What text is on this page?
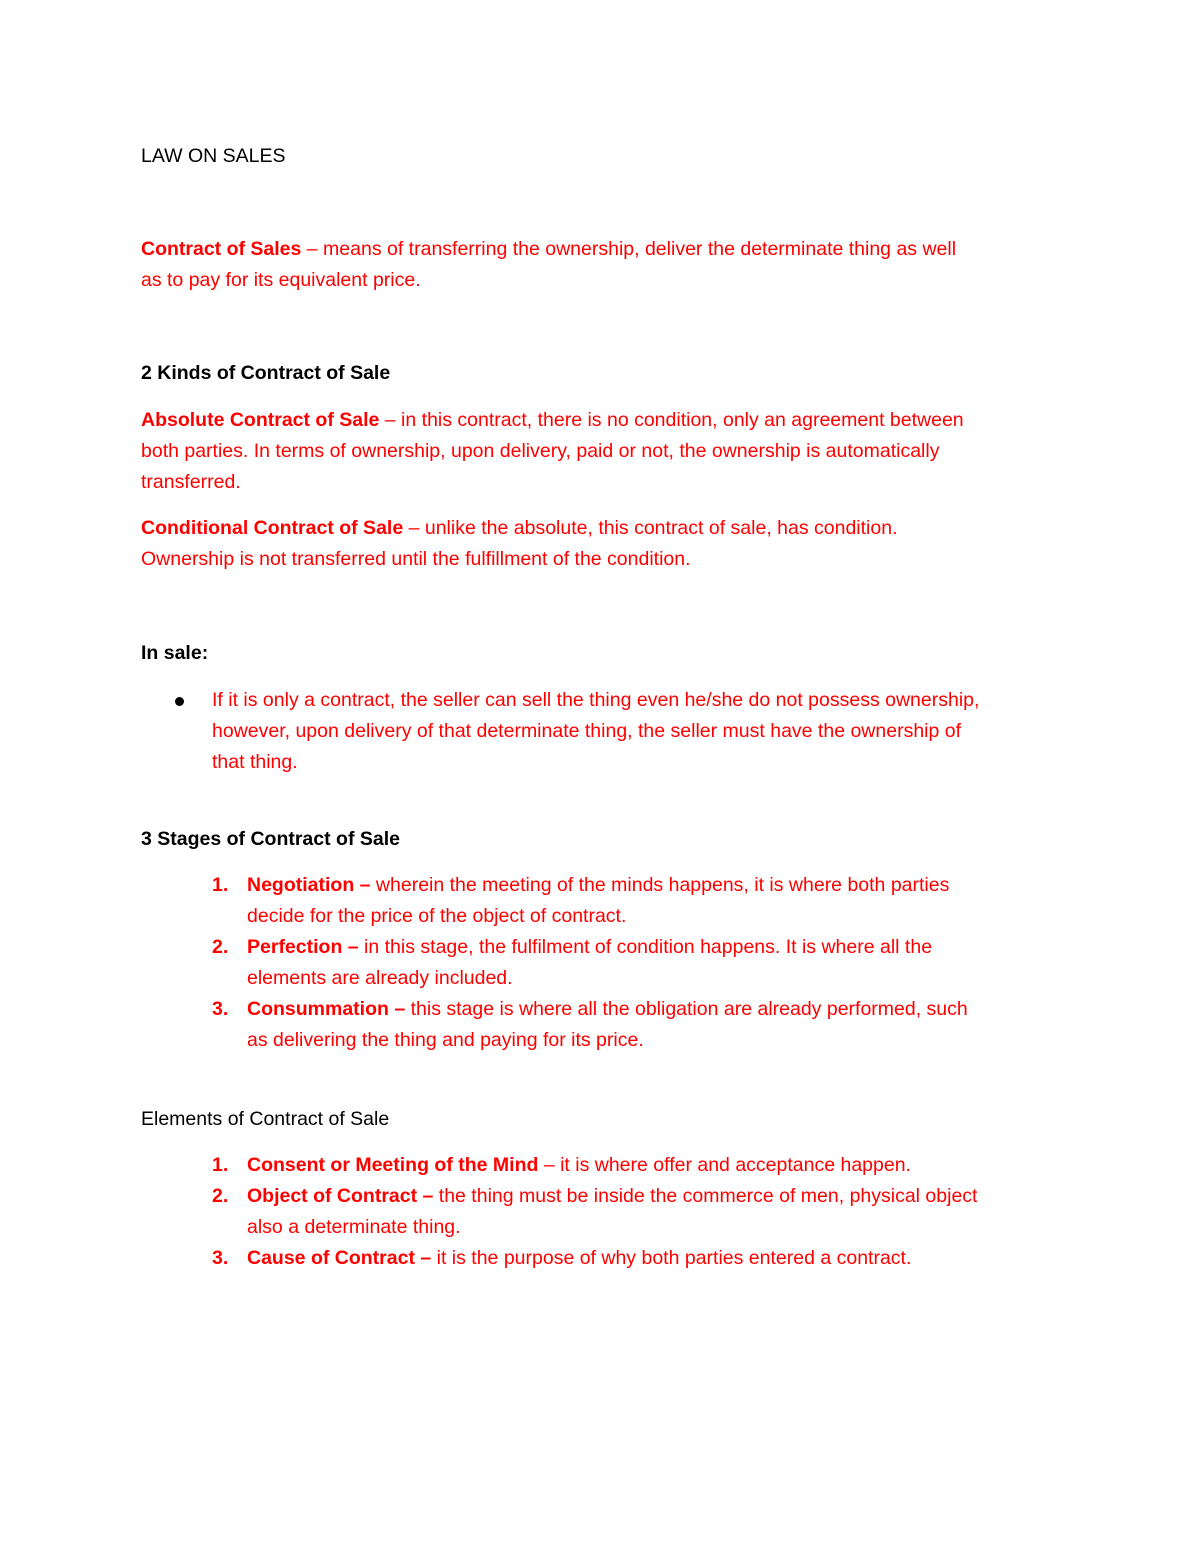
LAW ON SALES
Contract of Sales – means of transferring the ownership, deliver the determinate thing as well
as to pay for its equivalent price.
2 Kinds of Contract of Sale
Absolute Contract of Sale – in this contract, there is no condition, only an agreement between
both parties. In terms of ownership, upon delivery, paid or not, the ownership is automatically
transferred.
Conditional Contract of Sale – unlike the absolute, this contract of sale, has condition.
Ownership is not transferred until the fulfillment of the condition.
In sale:
If it is only a contract, the seller can sell the thing even he/she do not possess ownership,
however, upon delivery of that determinate thing, the seller must have the ownership of
that thing.
3 Stages of Contract of Sale
1. Negotiation – wherein the meeting of the minds happens, it is where both parties
decide for the price of the object of contract.
2. Perfection – in this stage, the fulfilment of condition happens. It is where all the
elements are already included.
3. Consummation – this stage is where all the obligation are already performed, such
as delivering the thing and paying for its price.
Elements of Contract of Sale
1. Consent or Meeting of the Mind – it is where offer and acceptance happen.
2. Object of Contract – the thing must be inside the commerce of men, physical object
also a determinate thing.
3. Cause of Contract – it is the purpose of why both parties entered a contract.
